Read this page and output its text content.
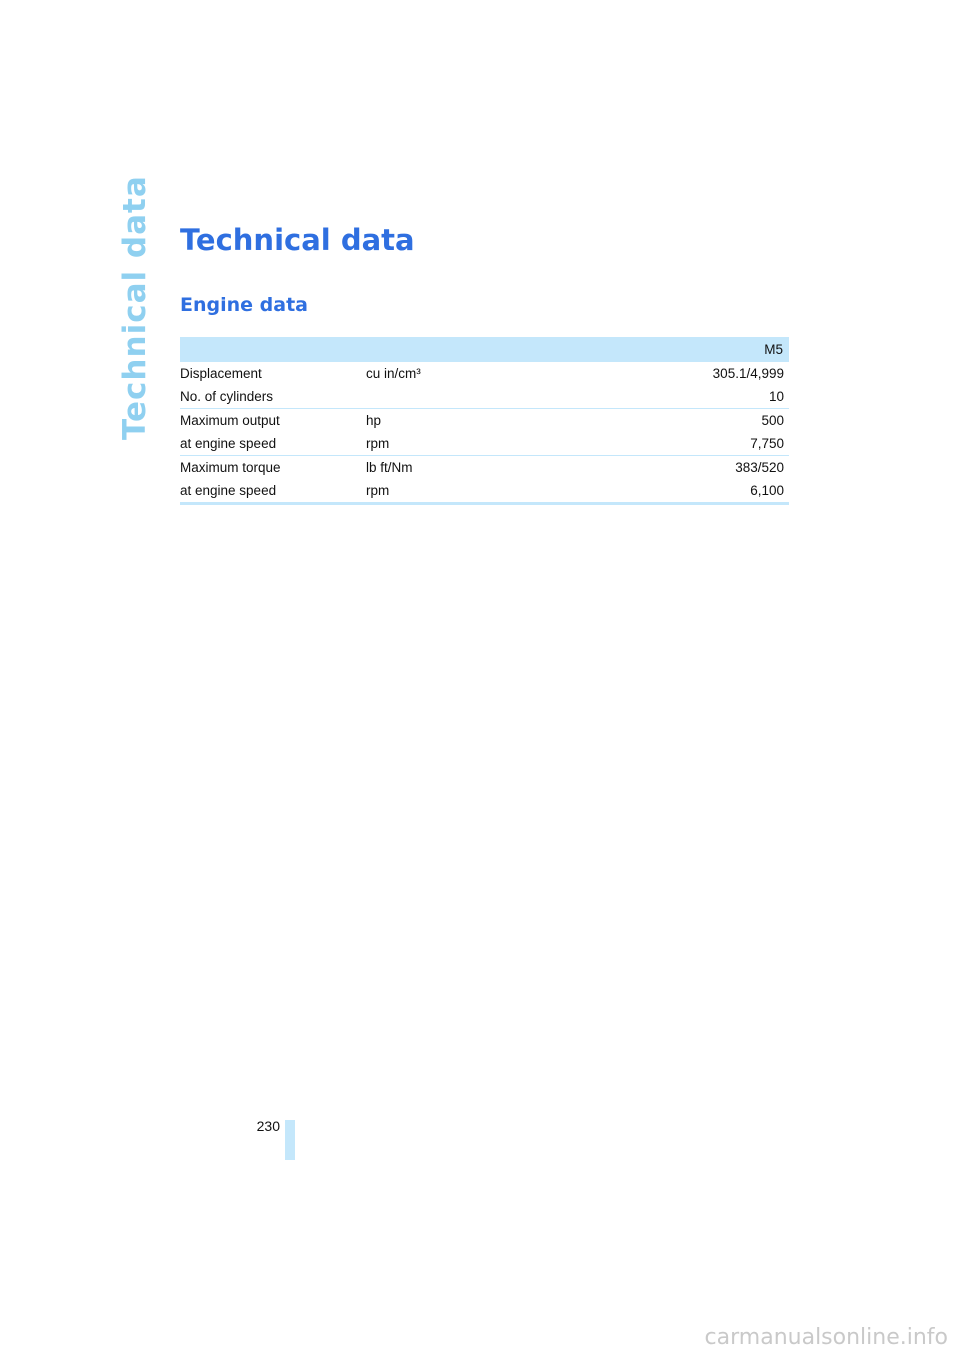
Technical data Technical data
Engine data
M5		
Displacement	cu in/cm³	305.1/4,999
No. of cylinders		10
Maximum output	hp	500
at engine speed	rpm	7,750
Maximum torque	lb ft/Nm	383/520
at engine speed	rpm	6,100
230
carmanualsonline.info
